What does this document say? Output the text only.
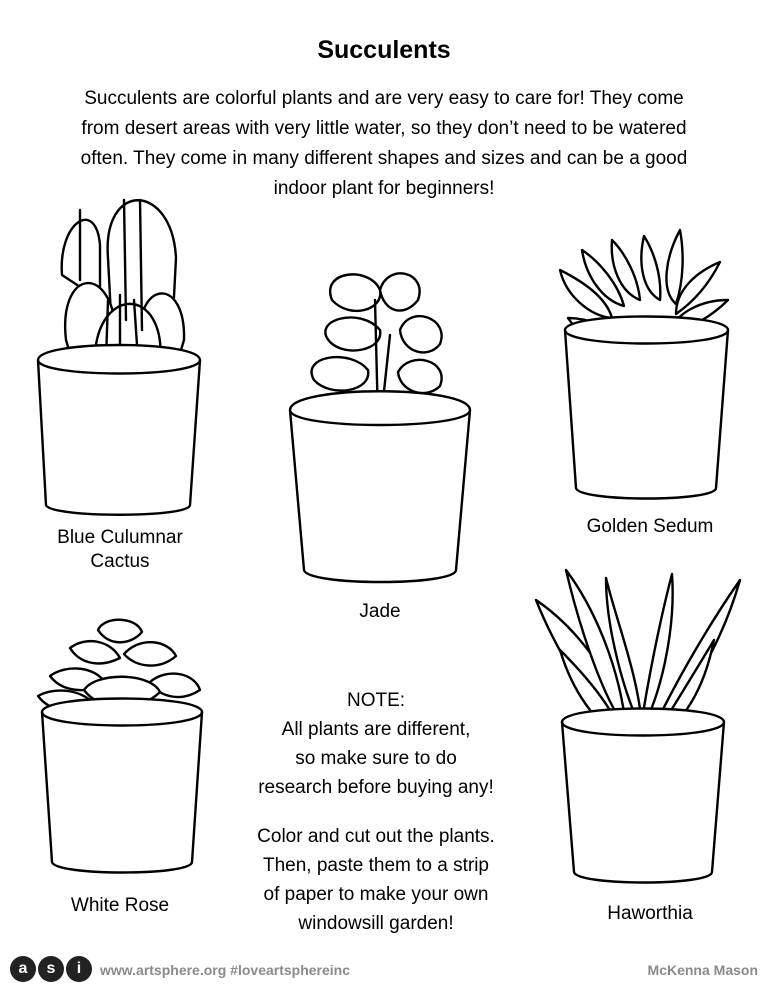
Succulents
Succulents are colorful plants and are very easy to care for! They come
from desert areas with very little water, so they don’t need to be watered
often. They come in many different shapes and sizes and can be a good
indoor plant for beginners!
Blue Culumnar
Cactus
Jade
Golden Sedum
White Rose	Haworthia
NOTE:
All plants are different,
so make sure to do
research before buying any!
Color and cut out the plants.
Then, paste them to a strip
of paper to make your own
windowsill garden!
a	s	i	www.artsphere.org #loveartsphereinc	McKenna Mason
